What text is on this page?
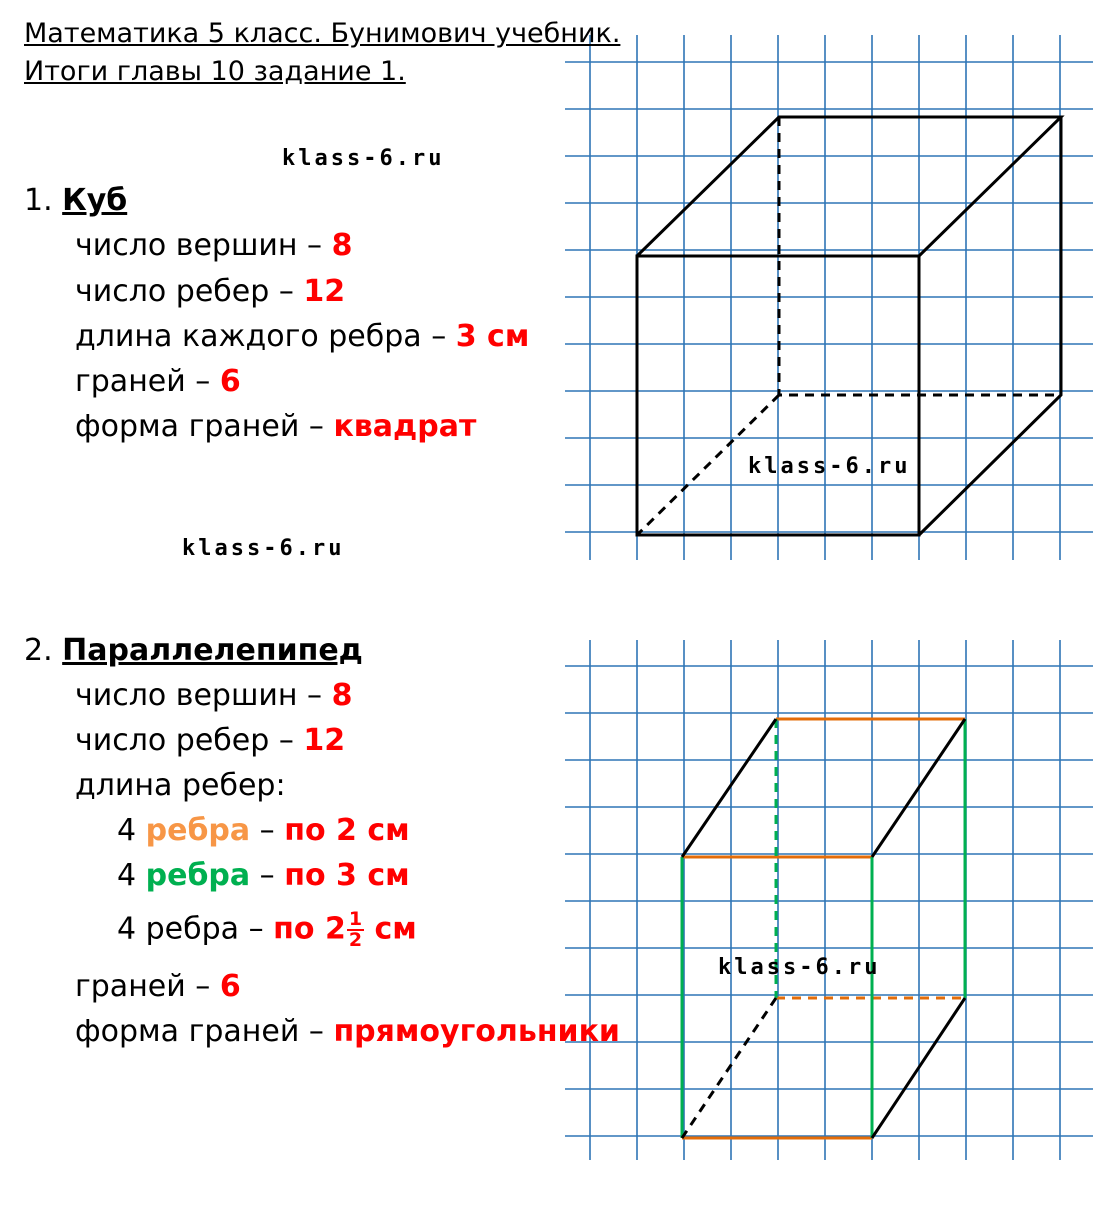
Математика 5 класс. Бунимович учебник.
Итоги главы 10 задание 1.
klass-6.ru
klass-6.ru
klass-6.ru
klass-6.ru
1. Куб
число вершин – 8
число ребер – 12
длина каждого ребра – 3 см
граней – 6
форма граней – квадрат
2. Параллелепипед
число вершин – 8
число ребер – 12
длина ребер:
4 ребра – по 2 см
4 ребра – по 3 см
4 ребра – по $2 \frac{1}{2}$ см
граней – 6
форма граней – прямоугольники
